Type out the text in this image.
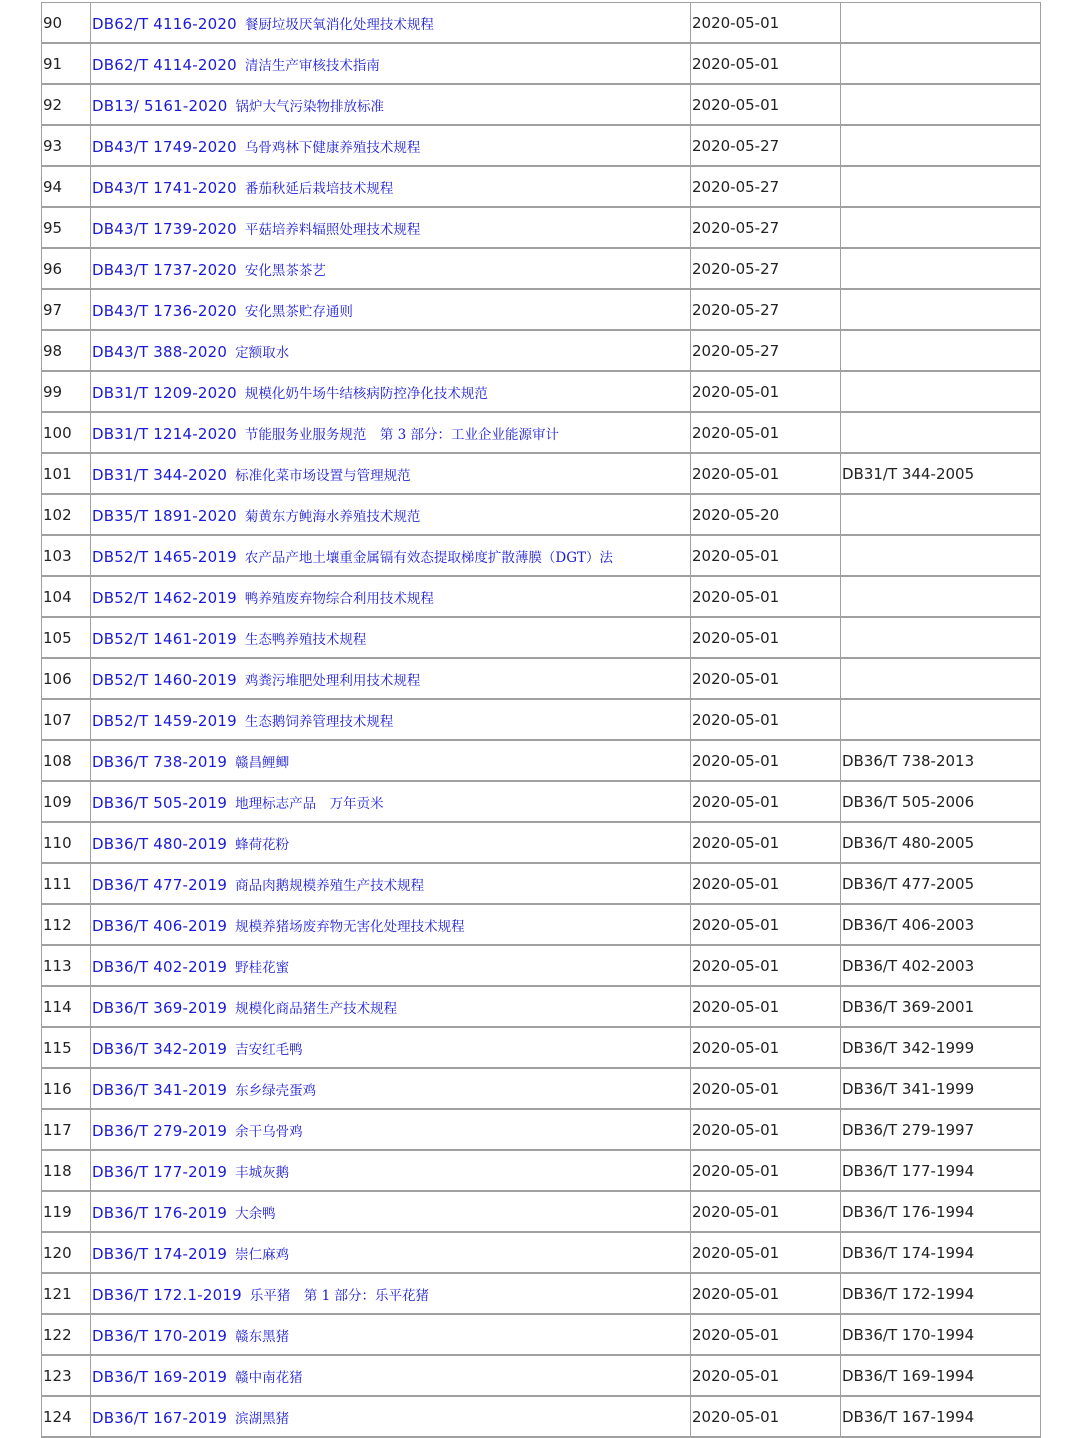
90	DB62/T 4116-2020 餐厨垃圾厌氧消化处理技术规程	2020-05-01	
91	DB62/T 4114-2020 清洁生产审核技术指南	2020-05-01	
92	DB13/ 5161-2020 锅炉大气污染物排放标准	2020-05-01	
93	DB43/T 1749-2020 乌骨鸡林下健康养殖技术规程	2020-05-27	
94	DB43/T 1741-2020 番茄秋延后栽培技术规程	2020-05-27	
95	DB43/T 1739-2020 平菇培养料辐照处理技术规程	2020-05-27	
96	DB43/T 1737-2020 安化黑茶茶艺	2020-05-27	
97	DB43/T 1736-2020 安化黑茶贮存通则	2020-05-27	
98	DB43/T 388-2020 定额取水	2020-05-27	
99	DB31/T 1209-2020 规模化奶牛场牛结核病防控净化技术规范	2020-05-01	
100	DB31/T 1214-2020 节能服务业服务规范　第 3 部分：工业企业能源审计	2020-05-01	
101	DB31/T 344-2020 标准化菜市场设置与管理规范	2020-05-01	DB31/T 344-2005
102	DB35/T 1891-2020 菊黄东方鲀海水养殖技术规范	2020-05-20	
103	DB52/T 1465-2019 农产品产地土壤重金属镉有效态提取梯度扩散薄膜（DGT）法	2020-05-01	
104	DB52/T 1462-2019 鸭养殖废弃物综合利用技术规程	2020-05-01	
105	DB52/T 1461-2019 生态鸭养殖技术规程	2020-05-01	
106	DB52/T 1460-2019 鸡粪污堆肥处理利用技术规程	2020-05-01	
107	DB52/T 1459-2019 生态鹅饲养管理技术规程	2020-05-01	
108	DB36/T 738-2019 赣昌鲤鲫	2020-05-01	DB36/T 738-2013
109	DB36/T 505-2019 地理标志产品　万年贡米	2020-05-01	DB36/T 505-2006
110	DB36/T 480-2019 蜂荷花粉	2020-05-01	DB36/T 480-2005
111	DB36/T 477-2019 商品肉鹅规模养殖生产技术规程	2020-05-01	DB36/T 477-2005
112	DB36/T 406-2019 规模养猪场废弃物无害化处理技术规程	2020-05-01	DB36/T 406-2003
113	DB36/T 402-2019 野桂花蜜	2020-05-01	DB36/T 402-2003
114	DB36/T 369-2019 规模化商品猪生产技术规程	2020-05-01	DB36/T 369-2001
115	DB36/T 342-2019 吉安红毛鸭	2020-05-01	DB36/T 342-1999
116	DB36/T 341-2019 东乡绿壳蛋鸡	2020-05-01	DB36/T 341-1999
117	DB36/T 279-2019 余干乌骨鸡	2020-05-01	DB36/T 279-1997
118	DB36/T 177-2019 丰城灰鹅	2020-05-01	DB36/T 177-1994
119	DB36/T 176-2019 大余鸭	2020-05-01	DB36/T 176-1994
120	DB36/T 174-2019 崇仁麻鸡	2020-05-01	DB36/T 174-1994
121	DB36/T 172.1-2019 乐平猪　第 1 部分：乐平花猪	2020-05-01	DB36/T 172-1994
122	DB36/T 170-2019 赣东黑猪	2020-05-01	DB36/T 170-1994
123	DB36/T 169-2019 赣中南花猪	2020-05-01	DB36/T 169-1994
124	DB36/T 167-2019 滨湖黑猪	2020-05-01	DB36/T 167-1994
